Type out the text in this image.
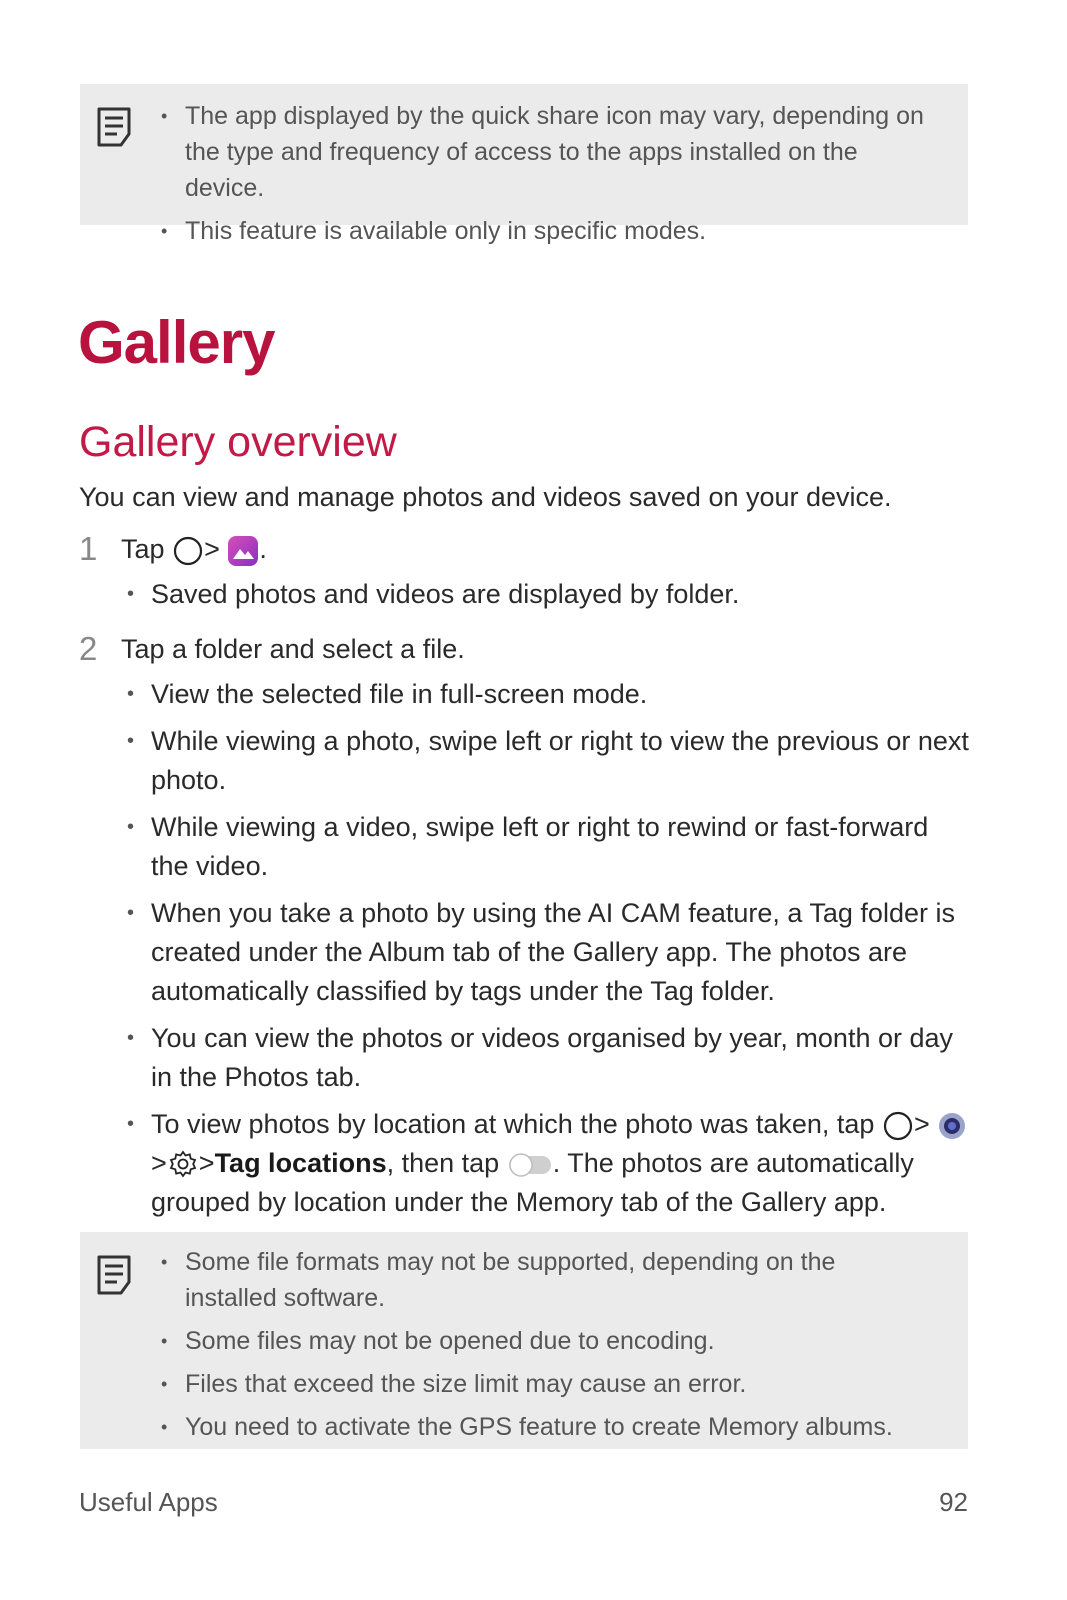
• The app displayed by the quick share icon may vary, depending on the type and frequency of access to the apps installed on the device.
• This feature is available only in specific modes.
Gallery
Gallery overview

You can view and manage photos and videos saved on your device.

1 Tap > .
• Saved photos and videos are displayed by folder.
2 Tap a folder and select a file.
• View the selected file in full-screen mode.
• While viewing a photo, swipe left or right to view the previous or next photo.
• While viewing a video, swipe left or right to rewind or fast-forward the video.
• When you take a photo by using the AI CAM feature, a Tag folder is created under the Album tab of the Gallery app. The photos are automatically classified by tags under the Tag folder.
• You can view the photos or videos organised by year, month or day in the Photos tab.
• To view photos by location at which the photo was taken, tap > > >Tag locations, then tap . The photos are automatically grouped by location under the Memory tab of the Gallery app.
• Some file formats may not be supported, depending on the installed software.
• Some files may not be opened due to encoding.
• Files that exceed the size limit may cause an error.
• You need to activate the GPS feature to create Memory albums.
Useful Apps	92
